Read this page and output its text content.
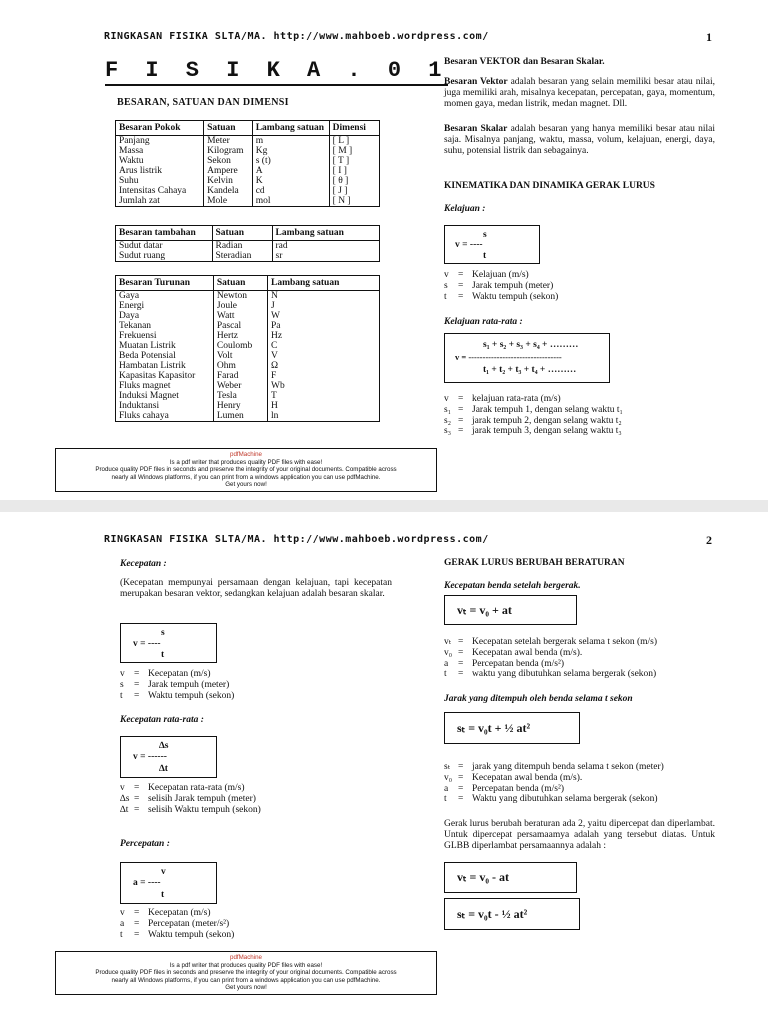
RINGKASAN FISIKA SLTA/MA. http://www.mahboeb.wordpress.com/	1
F I S I K A . 0 1
BESARAN, SATUAN DAN DIMENSI
Besaran Pokok	Satuan	Lambang satuan	Dimensi
Panjang	Meter	m	[ L ]
Massa	Kilogram	Kg	[ M ]
Waktu	Sekon	s (t)	[ T ]
Arus listrik	Ampere	A	[ I ]
Suhu	Kelvin	K	[ θ ]
Intensitas Cahaya	Kandela	cd	[ J ]
Jumlah zat	Mole	mol	[ N ]
Besaran tambahan	Satuan	Lambang satuan
Sudut datar	Radian	rad
Sudut ruang	Steradian	sr
Besaran Turunan	Satuan	Lambang satuan
Gaya	Newton	N
Energi	Joule	J
Daya	Watt	W
Tekanan	Pascal	Pa
Frekuensi	Hertz	Hz
Muatan Listrik	Coulomb	C
Beda Potensial	Volt	V
Hambatan Listrik	Ohm	Ω
Kapasitas Kapasitor	Farad	F
Fluks magnet	Weber	Wb
Induksi Magnet	Tesla	T
Induktansi	Henry	H
Fluks cahaya	Lumen	ln
pdfMachine
Is a pdf writer that produces quality PDF files with ease!
Produce quality PDF files in seconds and preserve the integrity of your original documents. Compatible across
nearly all Windows platforms, if you can print from a windows application you can use pdfMachine.
Get yours now!
Besaran VEKTOR dan Besaran Skalar.
Besaran Vektor adalah besaran yang selain memiliki besar atau nilai, juga memiliki arah, misalnya kecepatan, percepatan, gaya, momentum, momen gaya, medan listrik, medan magnet. Dll.
Besaran Skalar adalah besaran yang hanya memiliki besar atau nilai saja. Misalnya panjang, waktu, massa, volum, kelajuan, energi, daya, suhu, potensial listrik dan sebagainya.
KINEMATIKA DAN DINAMIKA GERAK LURUS
Kelajuan :
s
v = ----
t
v = Kelajuan (m/s)
s = Jarak tempuh (meter)
t = Waktu tempuh (sekon)
Kelajuan rata-rata :
s₁ + s₂ + s₃ + s₄ + ………
v = ---------------------------------
t₁ + t₂ + t₃ + t₄ + ………
v = kelajuan rata-rata (m/s)
s₁ = Jarak tempuh 1, dengan selang waktu t₁
s₂ = jarak tempuh 2, dengan selang waktu t₂
s₃ = jarak tempuh 3, dengan selang waktu t₃
RINGKASAN FISIKA SLTA/MA. http://www.mahboeb.wordpress.com/	2
Kecepatan :
(Kecepatan mempunyai persamaan dengan kelajuan, tapi kecepatan merupakan besaran vektor, sedangkan kelajuan adalah besaran skalar.
s
v = ----
t
v = Kecepatan (m/s)
s = Jarak tempuh (meter)
t = Waktu tempuh (sekon)
Kecepatan rata-rata :
∆s
v = ------
∆t
v = Kecepatan rata-rata (m/s)
∆s = selisih Jarak tempuh (meter)
∆t = selisih Waktu tempuh (sekon)
Percepatan :
v
a = ----
t
v = Kecepatan (m/s)
a = Percepatan (meter/s²)
t = Waktu tempuh (sekon)
pdfMachine
Is a pdf writer that produces quality PDF files with ease!
Produce quality PDF files in seconds and preserve the integrity of your original documents. Compatible across
nearly all Windows platforms, if you can print from a windows application you can use pdfMachine.
Get yours now!
GERAK LURUS BERUBAH BERATURAN
Kecepatan benda setelah bergerak.
vₜ = v₀ + at
vₜ = Kecepatan setelah bergerak selama t sekon (m/s)
v₀ = Kecepatan awal benda (m/s).
a = Percepatan benda (m/s²)
t = waktu yang dibutuhkan selama bergerak (sekon)
Jarak yang ditempuh oleh benda selama t sekon
sₜ = v₀t + ½ at²
sₜ = jarak yang ditempuh benda selama t sekon (meter)
v₀ = Kecepatan awal benda (m/s).
a = Percepatan benda (m/s²)
t = Waktu yang dibutuhkan selama bergerak (sekon)
Gerak lurus berubah beraturan ada 2, yaitu dipercepat dan diperlambat. Untuk dipercepat persamaamya adalah yang tersebut diatas. Untuk GLBB diperlambat persamaannya adalah :
vₜ = v₀ - at
sₜ = v₀t - ½ at²
